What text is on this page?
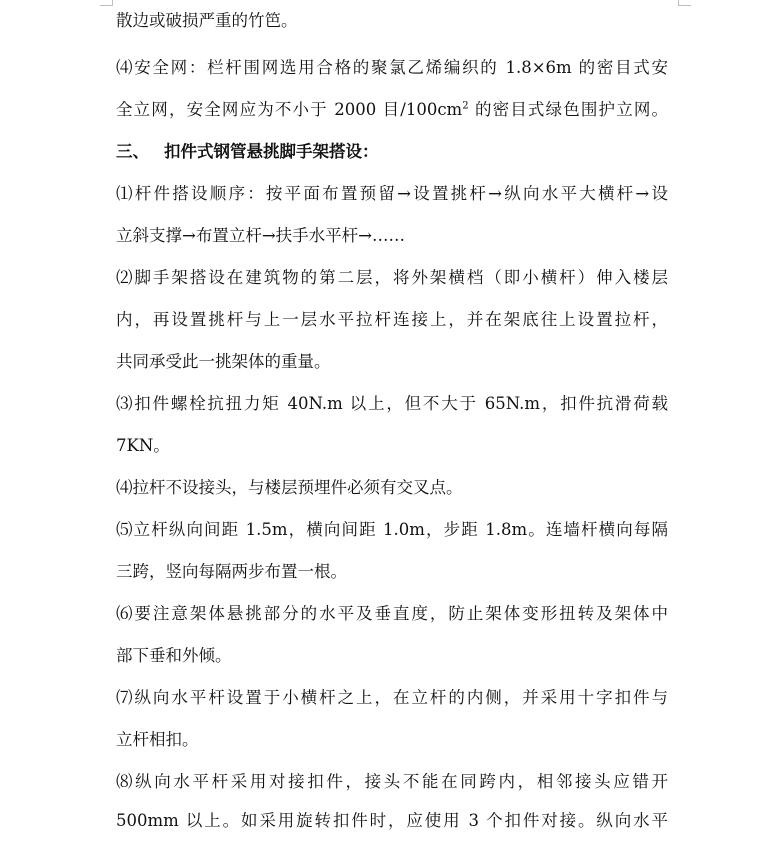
散边或破损严重的竹笆。
⑷安全网：栏杆围网选用合格的聚氯乙烯编织的 1.8×6m 的密目式安
全立网，安全网应为不小于 2000 目$/100cm^2$ 的密目式绿色围护立网。
三、 扣件式钢管悬挑脚手架搭设：
⑴杆件搭设顺序：按平面布置预留→设置挑杆→纵向水平大横杆→设
立斜支撑→布置立杆→扶手水平杆→……
⑵脚手架搭设在建筑物的第二层，将外架横档（即小横杆）伸入楼层
内，再设置挑杆与上一层水平拉杆连接上，并在架底往上设置拉杆，
共同承受此一挑架体的重量。
⑶扣件螺栓抗扭力矩 40N.m 以上，但不大于 65N.m，扣件抗滑荷载
7KN。
⑷拉杆不设接头，与楼层预埋件必须有交叉点。
⑸立杆纵向间距 1.5m，横向间距 1.0m，步距 1.8m。连墙杆横向每隔
三跨，竖向每隔两步布置一根。
⑹要注意架体悬挑部分的水平及垂直度，防止架体变形扭转及架体中
部下垂和外倾。
⑺纵向水平杆设置于小横杆之上，在立杆的内侧，并采用十字扣件与
立杆相扣。
⑻纵向水平杆采用对接扣件，接头不能在同跨内，相邻接头应错开
500mm 以上。如采用旋转扣件时，应使用 3 个扣件对接。纵向水平
